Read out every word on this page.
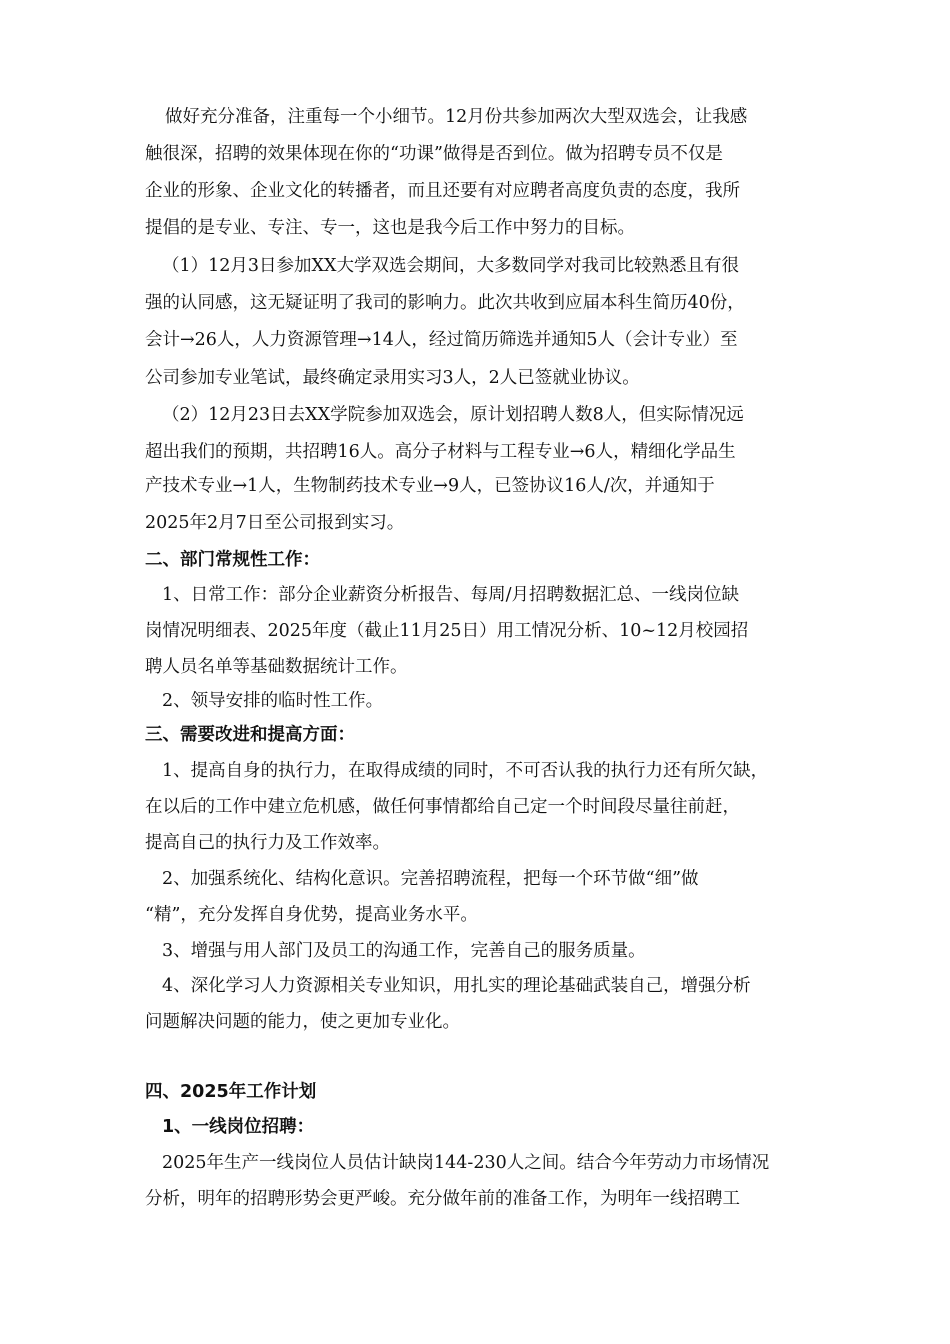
做好充分准备，注重每一个小细节。12月份共参加两次大型双选会，让我感
触很深，招聘的效果体现在你的“功课”做得是否到位。做为招聘专员不仅是
企业的形象、企业文化的转播者，而且还要有对应聘者高度负责的态度，我所
提倡的是专业、专注、专一，这也是我今后工作中努力的目标。
（1）12月3日参加XX大学双选会期间，大多数同学对我司比较熟悉且有很
强的认同感，这无疑证明了我司的影响力。此次共收到应届本科生简历40份，
会计→26人，人力资源管理→14人，经过简历筛选并通知5人（会计专业）至
公司参加专业笔试，最终确定录用实习3人，2人已签就业协议。
（2）12月23日去XX学院参加双选会，原计划招聘人数8人，但实际情况远
超出我们的预期，共招聘16人。高分子材料与工程专业→6人，精细化学品生
产技术专业→1人，生物制药技术专业→9人，已签协议16人/次，并通知于
2025年2月7日至公司报到实习。
二、部门常规性工作：
1、日常工作：部分企业薪资分析报告、每周/月招聘数据汇总、一线岗位缺
岗情况明细表、2025年度（截止11月25日）用工情况分析、10~12月校园招
聘人员名单等基础数据统计工作。
2、领导安排的临时性工作。
三、需要改进和提高方面：
1、提高自身的执行力，在取得成绩的同时，不可否认我的执行力还有所欠缺，
在以后的工作中建立危机感，做任何事情都给自己定一个时间段尽量往前赶，
提高自己的执行力及工作效率。
2、加强系统化、结构化意识。完善招聘流程，把每一个环节做“细”做
“精”，充分发挥自身优势，提高业务水平。
3、增强与用人部门及员工的沟通工作，完善自己的服务质量。
4、深化学习人力资源相关专业知识，用扎实的理论基础武装自己，增强分析
问题解决问题的能力，使之更加专业化。
四、2025年工作计划
1、一线岗位招聘：
2025年生产一线岗位人员估计缺岗144-230人之间。结合今年劳动力市场情况
分析，明年的招聘形势会更严峻。充分做年前的准备工作，为明年一线招聘工
